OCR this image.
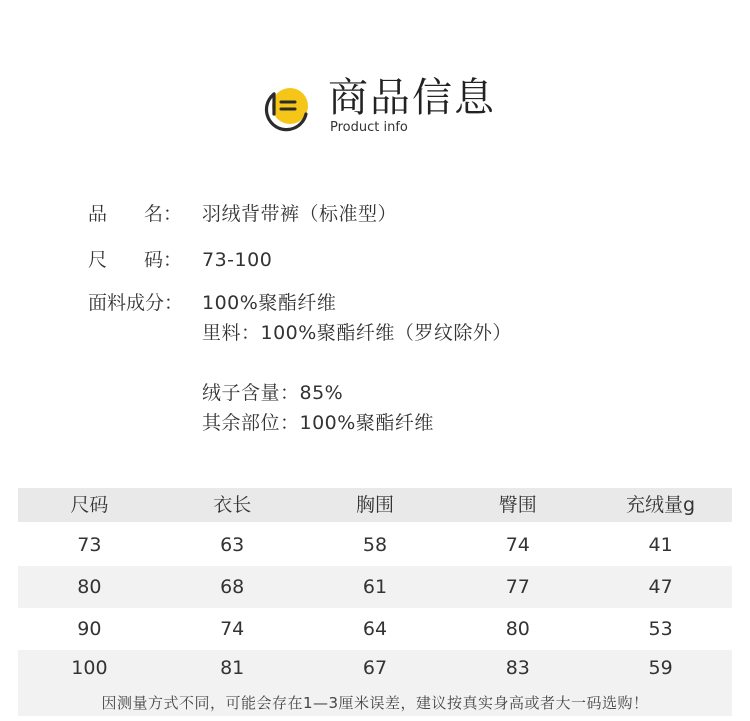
商品信息
Product info
品 名：	羽绒背带裤（标准型）
尺 码：	73-100
面料成分： 100%聚酯纤维
里料：100%聚酯纤维（罗纹除外）
绒子含量：85%
其余部位：100%聚酯纤维
尺码	衣长	胸围	臀围	充绒量g
73	63	58	74	41
80	68	61	77	47
90	74	64	80	53
100	81	67	83	59
因测量方式不同，可能会存在1—3厘米误差，建议按真实身高或者大一码选购！
